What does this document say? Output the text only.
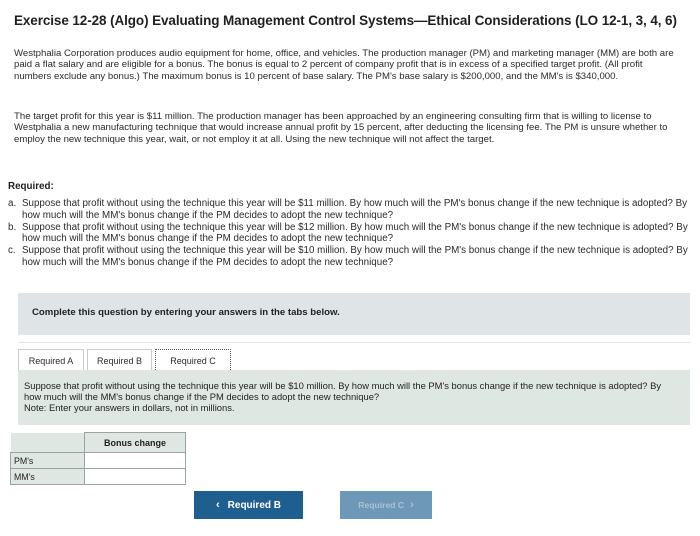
Exercise 12-28 (Algo) Evaluating Management Control Systems—Ethical Considerations (LO 12-1, 3, 4, 6)
Westphalia Corporation produces audio equipment for home, office, and vehicles. The production manager (PM) and marketing manager (MM) are both are paid a flat salary and are eligible for a bonus. The bonus is equal to 2 percent of company profit that is in excess of a specified target profit. (All profit numbers exclude any bonus.) The maximum bonus is 10 percent of base salary. The PM's base salary is $200,000, and the MM's is $340,000.
The target profit for this year is $11 million. The production manager has been approached by an engineering consulting firm that is willing to license to Westphalia a new manufacturing technique that would increase annual profit by 15 percent, after deducting the licensing fee. The PM is unsure whether to employ the new technique this year, wait, or not employ it at all. Using the new technique will not affect the target.
Required:

a. Suppose that profit without using the technique this year will be $11 million. By how much will the PM's bonus change if the new technique is adopted? By how much will the MM's bonus change if the PM decides to adopt the new technique?

b. Suppose that profit without using the technique this year will be $12 million. By how much will the PM's bonus change if the new technique is adopted? By how much will the MM's bonus change if the PM decides to adopt the new technique?

c. Suppose that profit without using the technique this year will be $10 million. By how much will the PM's bonus change if the new technique is adopted? By how much will the MM's bonus change if the PM decides to adopt the new technique?

Complete this question by entering your answers in the tabs below.
Required A	Required B	Required C
Suppose that profit without using the technique this year will be $10 million. By how much will the PM's bonus change if the new technique is adopted? By how much will the MM's bonus change if the PM decides to adopt the new technique?
Note: Enter your answers in dollars, not in millions.
	Bonus change
PM's	
MM's	
‹ Required B	Required C ›
